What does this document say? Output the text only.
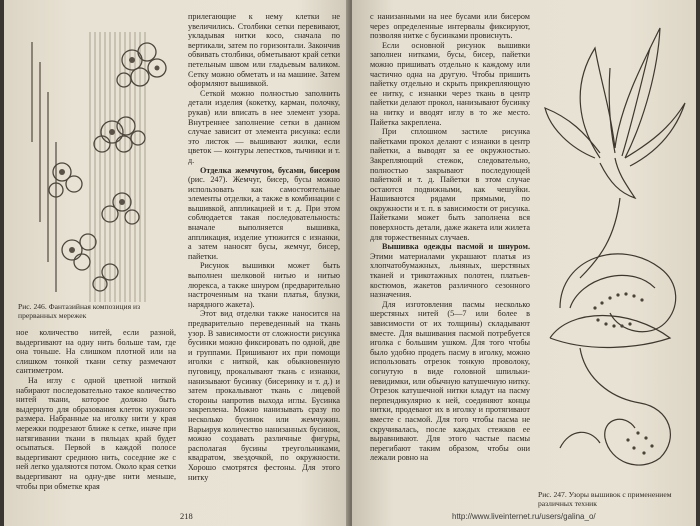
Рис. 246. Фантазийная композиция из прерванных мережек

прилегающие к нему клетки не увеличились. Столбики сетки перевивают, укладывая нитки косо, сначала по вертикали, затем по горизонтали. Закончив обвивать столбики, обметывают край сетки петельным швом или гладьевым валиком. Сетку можно обметать и на машине. Затем оформляют вышивкой.

Сеткой можно полностью заполнить детали изделия (кокетку, карман, полочку, рукав) или вписать в нее элемент узора. Внутреннее заполнение сетки в данном случае зависит от элемента рисунка: если это листок — вышивают жилки, если цветок — контуры лепестков, тычинки и т. д.

Отделка жемчугом, бусами, бисером (рис. 247). Жемчуг, бисер, бусы можно использовать как самостоятельные элементы отделки, а также в комбинации с вышивкой, аппликацией и т. д. При этом соблюдается такая последовательность: вначале выполняется вышивка, аппликация, изделие утюжится с изнанки, а затем наносят бусы, жемчуг, бисер, пайетки.

Рисунок вышивки может быть выполнен шелковой нитью и нитью люрекса, а также шнуром (предварительно настроченным на ткани платья, блузки, нарядного жакета).

Этот вид отделки также наносится на предварительно переведенный на ткань узор. В зависимости от сложности рисунка бусинки можно фиксировать по одной, две и группами. Пришивают их при помощи иголки с ниткой, как обыкновенную пуговицу, прокалывают ткань с изнанки, нанизывают бусинку (бисеринку и т. д.) и затем прокалывают ткань с лицевой стороны напротив выхода иглы. Бусинка закреплена. Можно нанизывать сразу по несколько бусинок или жемчужин. Варьируя количество нанизанных бусинок, можно создавать различные фигуры, располагая бусины треугольниками, квадратом, звездочкой, по окружности. Хорошо смотрятся фестоны. Для этого нитку

ное количество нитей, если разной, выдергивают на одну нить больше там, где она тоньше. На слишком плотной или на слишком тонкой ткани сетку размечают сантиметром.

На иглу с одной цветной ниткой набирают последовательно такое количество нитей ткани, которое должно быть выдернуто для образования клеток нужного размера. Набранные на иголку нити у края мережки подрезают ближе к сетке, иначе при натягивании ткани в пяльцах край будет осыпаться. Первой в каждой полосе выдергивают среднюю нить, соседние же с ней легко удаляются потом. Около края сетки выдергивают на одну-две нити меньше, чтобы при обметке края

218

с нанизанными на нее бусами или бисером через определенные интервалы фиксируют, позволяя нитке с бусинками провиснуть.

Если основной рисунок вышивки заполнен нитками, бусы, бисер, пайетки можно пришивать отдельно к каждому или частично одна на другую. Чтобы пришить пайетку отдельно и скрыть прикрепляющую ее нитку, с изнанки через ткань в центр пайетки делают прокол, нанизывают бусинку на нитку и вводят иглу в то же место. Пайетка закреплена.

При сплошном застиле рисунка пайетками прокол делают с изнанки в центр пайетки, а выводят за ее окружностью. Закрепляющий стежок, следовательно, полностью закрывают последующей пайеткой и т. д. Пайетки в этом случае остаются подвижными, как чешуйки. Нашиваются рядами прямыми, по окружности и т. п. в зависимости от рисунка. Пайетками может быть заполнена вся поверхность детали, даже жакета или жилета для торжественных случаев.

Вышивка одежды пасмой и шнуром. Этими материалами украшают платья из хлопчатобумажных, льняных, шерстяных тканей и трикотажных полотен, платьев-костюмов, жакетов различного сезонного назначения.

Для изготовления пасмы несколько шерстяных нитей (5—7 или более в зависимости от их толщины) складывают вместе. Для вышивания пасмой потребуется иголка с большим ушком. Для того чтобы было удобно продеть пасму в иголку, можно использовать отрезок тонкую проволоку, согнутую в виде головной шпильки-невидимки, или обычную катушечную нитку. Отрезок катушечной нитки кладут на пасму перпендикулярно к ней, соединяют концы нитки, продевают их в иголку и протягивают вместе с пасмой. Для того чтобы пасма не скручивалась, после каждых стежков ее выравнивают. Для этого частые пасмы перегибают таким образом, чтобы они лежали ровно на

Рис. 247. Узоры вышивок с применением различных техник
http://www.liveinternet.ru/users/galina_o/
